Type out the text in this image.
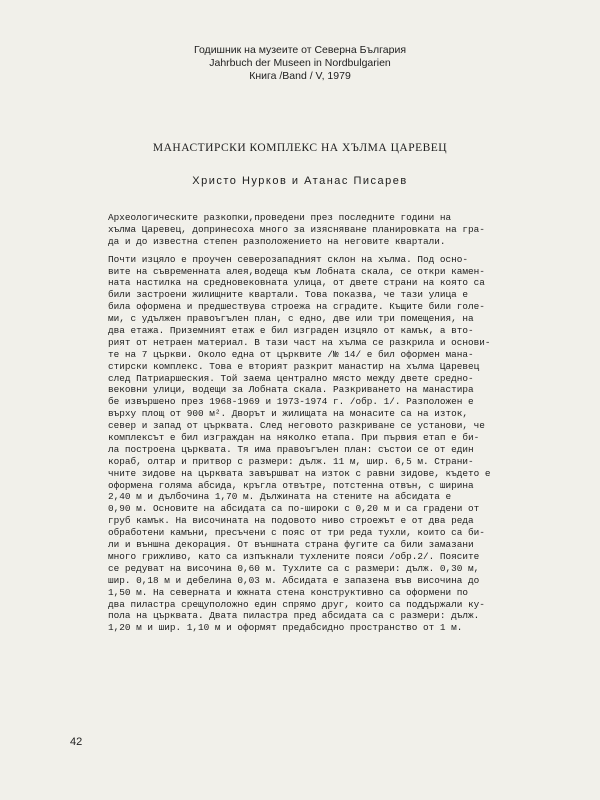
Годишник на музеите от Северна България
Jahrbuch der Museen in Nordbulgarien
Книга /Band / V, 1979
МАНАСТИРСКИ КОМПЛЕКС НА ХЪЛМА ЦАРЕВЕЦ
Христо Нурков и Атанас Писарев
Археологическите разкопки,проведени през последните години на
хълма Царевец, допринесоха много за изясняване планировката на гра-
да и до известна степен разположението на неговите квартали.
Почти изцяло е проучен северозападният склон на хълма. Под осно-
вите на съвременната алея,водеща към Лобната скала, се откри камен-
ната настилка на средновековната улица, от двете страни на която са
били застроени жилищните квартали. Това показва, че тази улица е
била оформена и предшествува строежа на сградите. Къщите били голе-
ми, с удължен правоъгълен план, с едно, две или три помещения, на
два етажа. Приземният етаж е бил изграден изцяло от камък, а вто-
рият от нетраен материал. В тази част на хълма се разкрила и основи-
те на 7 църкви. Около една от църквите /№ 14/ е бил оформен мана-
стирски комплекс. Това е вторият разкрит манастир на хълма Царевец
след Патриаршеския. Той заема централно място между двете средно-
вековни улици, водещи за Лобната скала. Разкриването на манастира
бе извършено през 1968-1969 и 1973-1974 г. /обр. 1/. Разположен е
върху площ от 900 м². Дворът и жилищата на монасите са на изток,
север и запад от църквата. След неговото разкриване се установи, че
комплексът е бил изграждан на няколко етапа. При първия етап е би-
ла построена църквата. Тя има правоъгълен план: състои се от един
кораб, олтар и притвор с размери: дълж. 11 м, шир. 6,5 м. Страни-
чните зидове на църквата завършват на изток с равни зидове, където е
оформена голяма абсида, кръгла отвътре, потстенна отвън, с ширина
2,40 м и дълбочина 1,70 м. Дължината на стените на абсидата е
0,90 м. Основите на абсидата са по-широки с 0,20 м и са градени от
груб камък. На височината на подовото ниво строежът е от два реда
обработени камъни, пресъчени с пояс от три реда тухли, които са би-
ли и външна декорация. От външната страна фугите са били замазани
много грижливо, като са изпъкнали тухлените пояси /обр.2/. Поясите
се редуват на височина 0,60 м. Тухлите са с размери: дълж. 0,30 м,
шир. 0,18 м и дебелина 0,03 м. Абсидата е запазена във височина до
1,50 м. На северната и южната стена конструктивно са оформени по
два пиластра срещуположно един спрямо друг, които са поддържали ку-
пола на църквата. Двата пиластра пред абсидата са с размери: дълж.
1,20 м и шир. 1,10 м и оформят предабсидно пространство от 1 м.
42
